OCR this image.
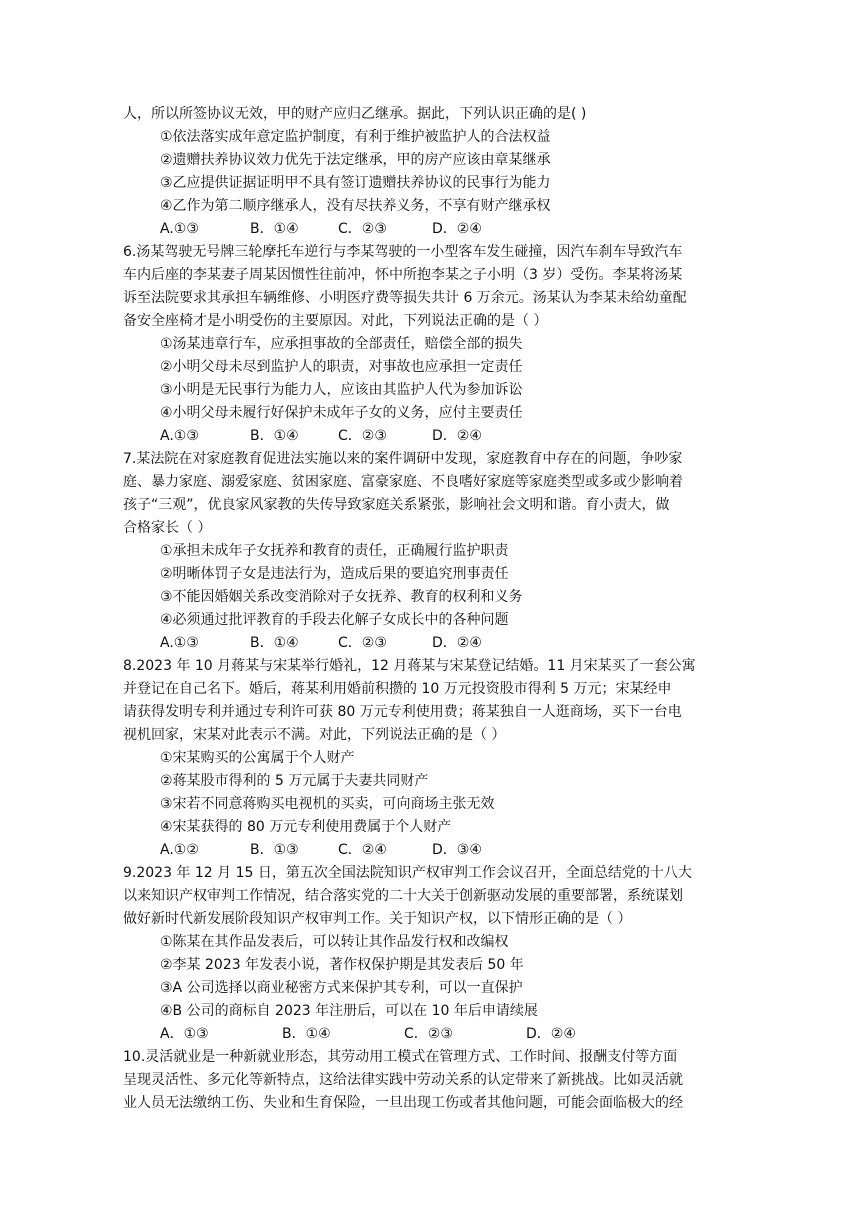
人，所以所签协议无效，甲的财产应归乙继承。据此，下列认识正确的是( )
①依法落实成年意定监护制度，有利于维护被监护人的合法权益
②遗赠扶养协议效力优先于法定继承，甲的房产应该由章某继承
③乙应提供证据证明甲不具有签订遗赠扶养协议的民事行为能力
④乙作为第二顺序继承人，没有尽扶养义务，不享有财产继承权
A.①③	B．①④	C．②③	D．②④
6.汤某驾驶无号牌三轮摩托车逆行与李某驾驶的一小型客车发生碰撞，因汽车刹车导致汽车
车内后座的李某妻子周某因惯性往前冲，怀中所抱李某之子小明（3 岁）受伤。李某将汤某
诉至法院要求其承担车辆维修、小明医疗费等损失共计 6 万余元。汤某认为李某未给幼童配
备安全座椅才是小明受伤的主要原因。对此，下列说法正确的是（ ）
①汤某违章行车，应承担事故的全部责任，赔偿全部的损失
②小明父母未尽到监护人的职责，对事故也应承担一定责任
③小明是无民事行为能力人，应该由其监护人代为参加诉讼
④小明父母未履行好保护未成年子女的义务，应付主要责任
A.①③	B．①④	C．②③	D．②④
7.某法院在对家庭教育促进法实施以来的案件调研中发现，家庭教育中存在的问题，争吵家
庭、暴力家庭、溺爱家庭、贫困家庭、富豪家庭、不良嗜好家庭等家庭类型或多或少影响着
孩子“三观”，优良家风家教的失传导致家庭关系紧张，影响社会文明和谐。育小责大，做
合格家长（ ）
①承担未成年子女抚养和教育的责任，正确履行监护职责
②明晰体罚子女是违法行为，造成后果的要追究刑事责任
③不能因婚姻关系改变消除对子女抚养、教育的权利和义务
④必须通过批评教育的手段去化解子女成长中的各种问题
A.①③	B．①④	C．②③	D．②④
8.2023 年 10 月蒋某与宋某举行婚礼，12 月蒋某与宋某登记结婚。11 月宋某买了一套公寓
并登记在自己名下。婚后，蒋某利用婚前积攒的 10 万元投资股市得利 5 万元；宋某经申
请获得发明专利并通过专利许可获 80 万元专利使用费；蒋某独自一人逛商场，买下一台电
视机回家，宋某对此表示不满。对此，下列说法正确的是（ ）
①宋某购买的公寓属于个人财产
②蒋某股市得利的 5 万元属于夫妻共同财产
③宋若不同意蒋购买电视机的买卖，可向商场主张无效
④宋某获得的 80 万元专利使用费属于个人财产
A.①②	B．①③	C．②④	D．③④
9.2023 年 12 月 15 日，第五次全国法院知识产权审判工作会议召开，全面总结党的十八大
以来知识产权审判工作情况，结合落实党的二十大关于创新驱动发展的重要部署，系统谋划
做好新时代新发展阶段知识产权审判工作。关于知识产权，以下情形正确的是（ ）
①陈某在其作品发表后，可以转让其作品发行权和改编权
②李某 2023 年发表小说，著作权保护期是其发表后 50 年
③A 公司选择以商业秘密方式来保护其专利，可以一直保护
④B 公司的商标自 2023 年注册后，可以在 10 年后申请续展
A．①③	B．①④	C．②③	D．②④
10.灵活就业是一种新就业形态，其劳动用工模式在管理方式、工作时间、报酬支付等方面
呈现灵活性、多元化等新特点，这给法律实践中劳动关系的认定带来了新挑战。比如灵活就
业人员无法缴纳工伤、失业和生育保险，一旦出现工伤或者其他问题，可能会面临极大的经
